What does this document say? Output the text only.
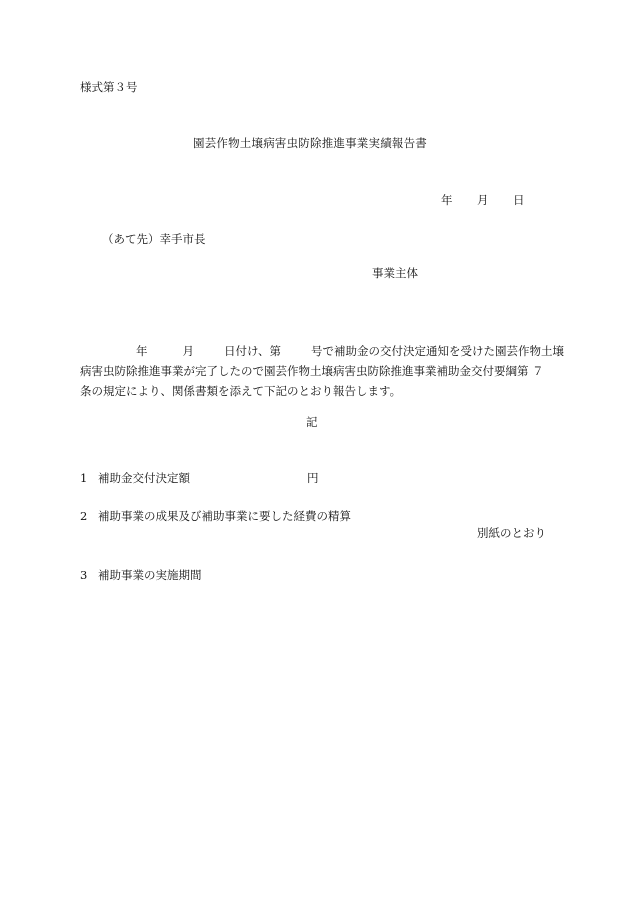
様式第３号
園芸作物土壌病害虫防除推進事業実績報告書
年 月 日
（あて先）幸手市長
事業主体
年	月	日付け、第	号で補助金の交付決定通知を受けた園芸作物土壌
病害虫防除推進事業が完了したので園芸作物土壌病害虫防除推進事業補助金交付要綱第 ７
条の規定により、関係書類を添えて下記のとおり報告します。
記
1 補助金交付決定額	円
2 補助事業の成果及び補助事業に要した経費の精算
別紙のとおり
3 補助事業の実施期間
